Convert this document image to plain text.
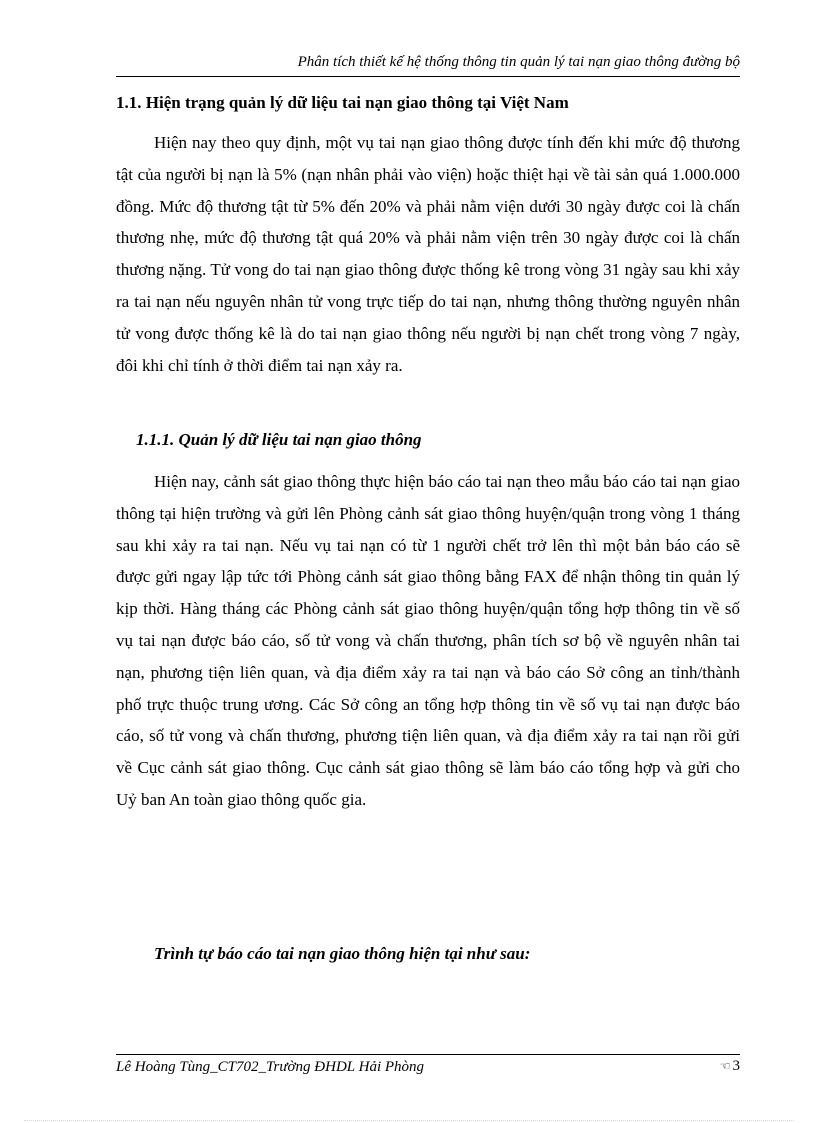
Phân tích thiết kế hệ thống thông tin quản lý tai nạn giao thông đường bộ
1.1. Hiện trạng quản lý dữ liệu tai nạn giao thông tại Việt Nam

Hiện nay theo quy định, một vụ tai nạn giao thông được tính đến khi mức độ thương tật của người bị nạn là 5% (nạn nhân phải vào viện) hoặc thiệt hại về tài sản quá 1.000.000 đồng. Mức độ thương tật từ 5% đến 20% và phải nằm viện dưới 30 ngày được coi là chấn thương nhẹ, mức độ thương tật quá 20% và phải nằm viện trên 30 ngày được coi là chấn thương nặng. Tử vong do tai nạn giao thông được thống kê trong vòng 31 ngày sau khi xảy ra tai nạn nếu nguyên nhân tử vong trực tiếp do tai nạn, nhưng thông thường nguyên nhân tử vong được thống kê là do tai nạn giao thông nếu người bị nạn chết trong vòng 7 ngày, đôi khi chỉ tính ở thời điểm tai nạn xảy ra.

1.1.1. Quản lý dữ liệu tai nạn giao thông

Hiện nay, cảnh sát giao thông thực hiện báo cáo tai nạn theo mẫu báo cáo tai nạn giao thông tại hiện trường và gửi lên Phòng cảnh sát giao thông huyện/quận trong vòng 1 tháng sau khi xảy ra tai nạn. Nếu vụ tai nạn có từ 1 người chết trở lên thì một bản báo cáo sẽ được gửi ngay lập tức tới Phòng cảnh sát giao thông bằng FAX để nhận thông tin quản lý kịp thời. Hàng tháng các Phòng cảnh sát giao thông huyện/quận tổng hợp thông tin về số vụ tai nạn được báo cáo, số tử vong và chấn thương, phân tích sơ bộ về nguyên nhân tai nạn, phương tiện liên quan, và địa điểm xảy ra tai nạn và báo cáo Sở công an tỉnh/thành phố trực thuộc trung ương. Các Sở công an tổng hợp thông tin về số vụ tai nạn được báo cáo, số tử vong và chấn thương, phương tiện liên quan, và địa điểm xảy ra tai nạn rồi gửi về Cục cảnh sát giao thông. Cục cảnh sát giao thông sẽ làm báo cáo tổng hợp và gửi cho Uỷ ban An toàn giao thông quốc gia.

Trình tự báo cáo tai nạn giao thông hiện tại như sau:
Lê Hoàng Tùng_CT702_Trường ĐHDL Hải Phòng	☜ 3
